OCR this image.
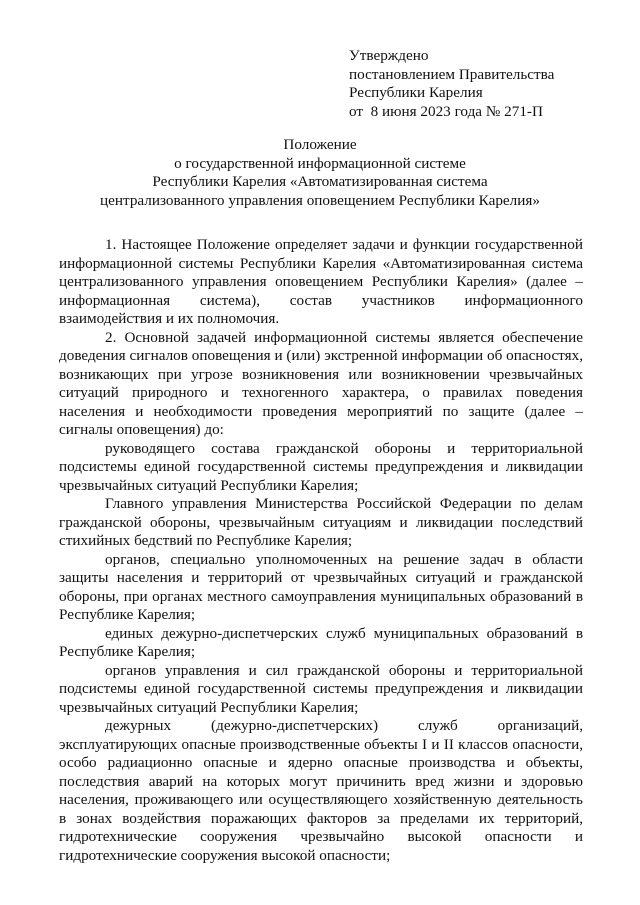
Утверждено
постановлением Правительства
Республики Карелия
от  8 июня 2023 года № 271-П
Положение
о государственной информационной системе
Республики Карелия «Автоматизированная система
централизованного управления оповещением Республики Карелия»

1. Настоящее Положение определяет задачи и функции государственной информационной системы Республики Карелия «Автоматизированная система централизованного управления оповещением Республики Карелия» (далее – информационная система), состав участников информационного взаимодействия и их полномочия.

2. Основной задачей информационной системы является обеспечение доведения сигналов оповещения и (или) экстренной информации об опасностях, возникающих при угрозе возникновения или возникновении чрезвычайных ситуаций природного и техногенного характера, о правилах поведения населения и необходимости проведения мероприятий по защите (далее – сигналы оповещения) до:

руководящего состава гражданской обороны и территориальной подсистемы единой государственной системы предупреждения и ликвидации чрезвычайных ситуаций Республики Карелия;

Главного управления Министерства Российской Федерации по делам гражданской обороны, чрезвычайным ситуациям и ликвидации последствий стихийных бедствий по Республике Карелия;

органов, специально уполномоченных на решение задач в области защиты населения и территорий от чрезвычайных ситуаций и гражданской обороны, при органах местного самоуправления муниципальных образований в Республике Карелия;

единых дежурно-диспетчерских служб муниципальных образований в Республике Карелия;

органов управления и сил гражданской обороны и территориальной подсистемы единой государственной системы предупреждения и ликвидации чрезвычайных ситуаций Республики Карелия;

дежурных (дежурно-диспетчерских) служб организаций, эксплуатирующих опасные производственные объекты I и II классов опасности, особо радиационно опасные и ядерно опасные производства и объекты, последствия аварий на которых могут причинить вред жизни и здоровью населения, проживающего или осуществляющего хозяйственную деятельность в зонах воздействия поражающих факторов за пределами их территорий, гидротехнические сооружения чрезвычайно высокой опасности и гидротехнические сооружения высокой опасности;
